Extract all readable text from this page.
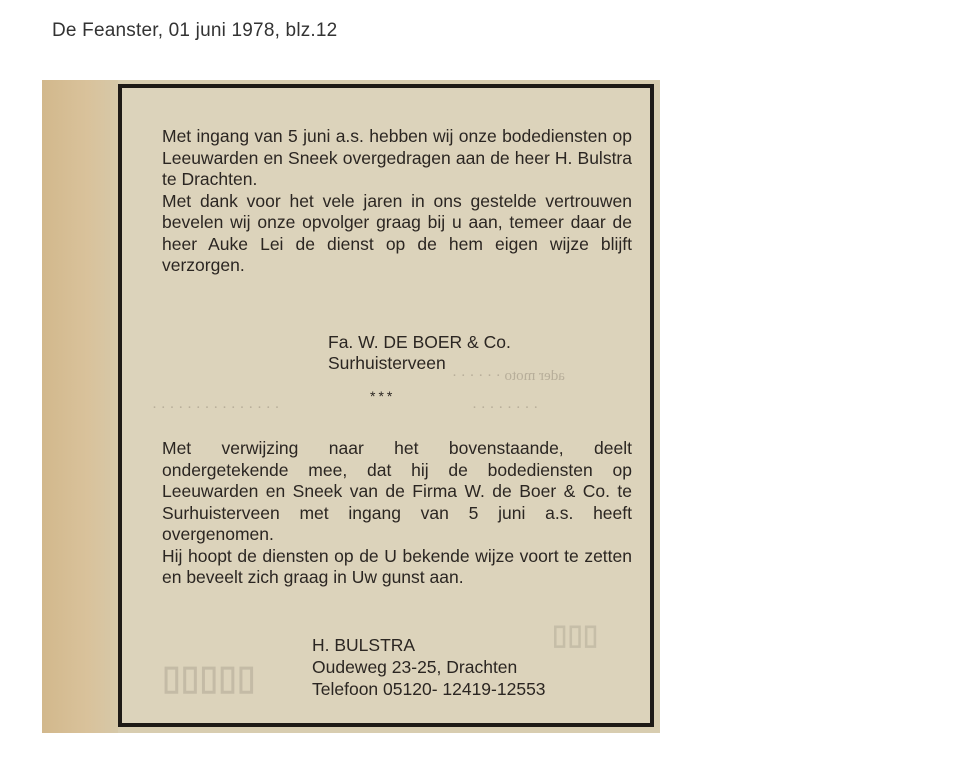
De Feanster, 01 juni 1978, blz.12
ader moto · · · · · ·
· · · · · · · · · · · · · · ·	· · · · · · · ·
▯▯▯▯▯
▯▯▯
Met ingang van 5 juni a.s. hebben wij onze bodediensten op Leeuwarden en Sneek overgedragen aan de heer H. Bulstra te Drachten.
Met dank voor het vele jaren in ons gestelde vertrouwen bevelen wij onze opvolger graag bij u aan, temeer daar de heer Auke Lei de dienst op de hem eigen wijze blijft verzorgen.
Fa. W. DE BOER & Co.
Surhuisterveen
***
Met verwijzing naar het bovenstaande, deelt ondergetekende mee, dat hij de bodediensten op Leeuwarden en Sneek van de Firma W. de Boer & Co. te Surhuisterveen met ingang van 5 juni a.s. heeft overgenomen.
Hij hoopt de diensten op de U bekende wijze voort te zetten en beveelt zich graag in Uw gunst aan.
H. BULSTRA
Oudeweg 23-25, Drachten
Telefoon 05120- 12419-12553
